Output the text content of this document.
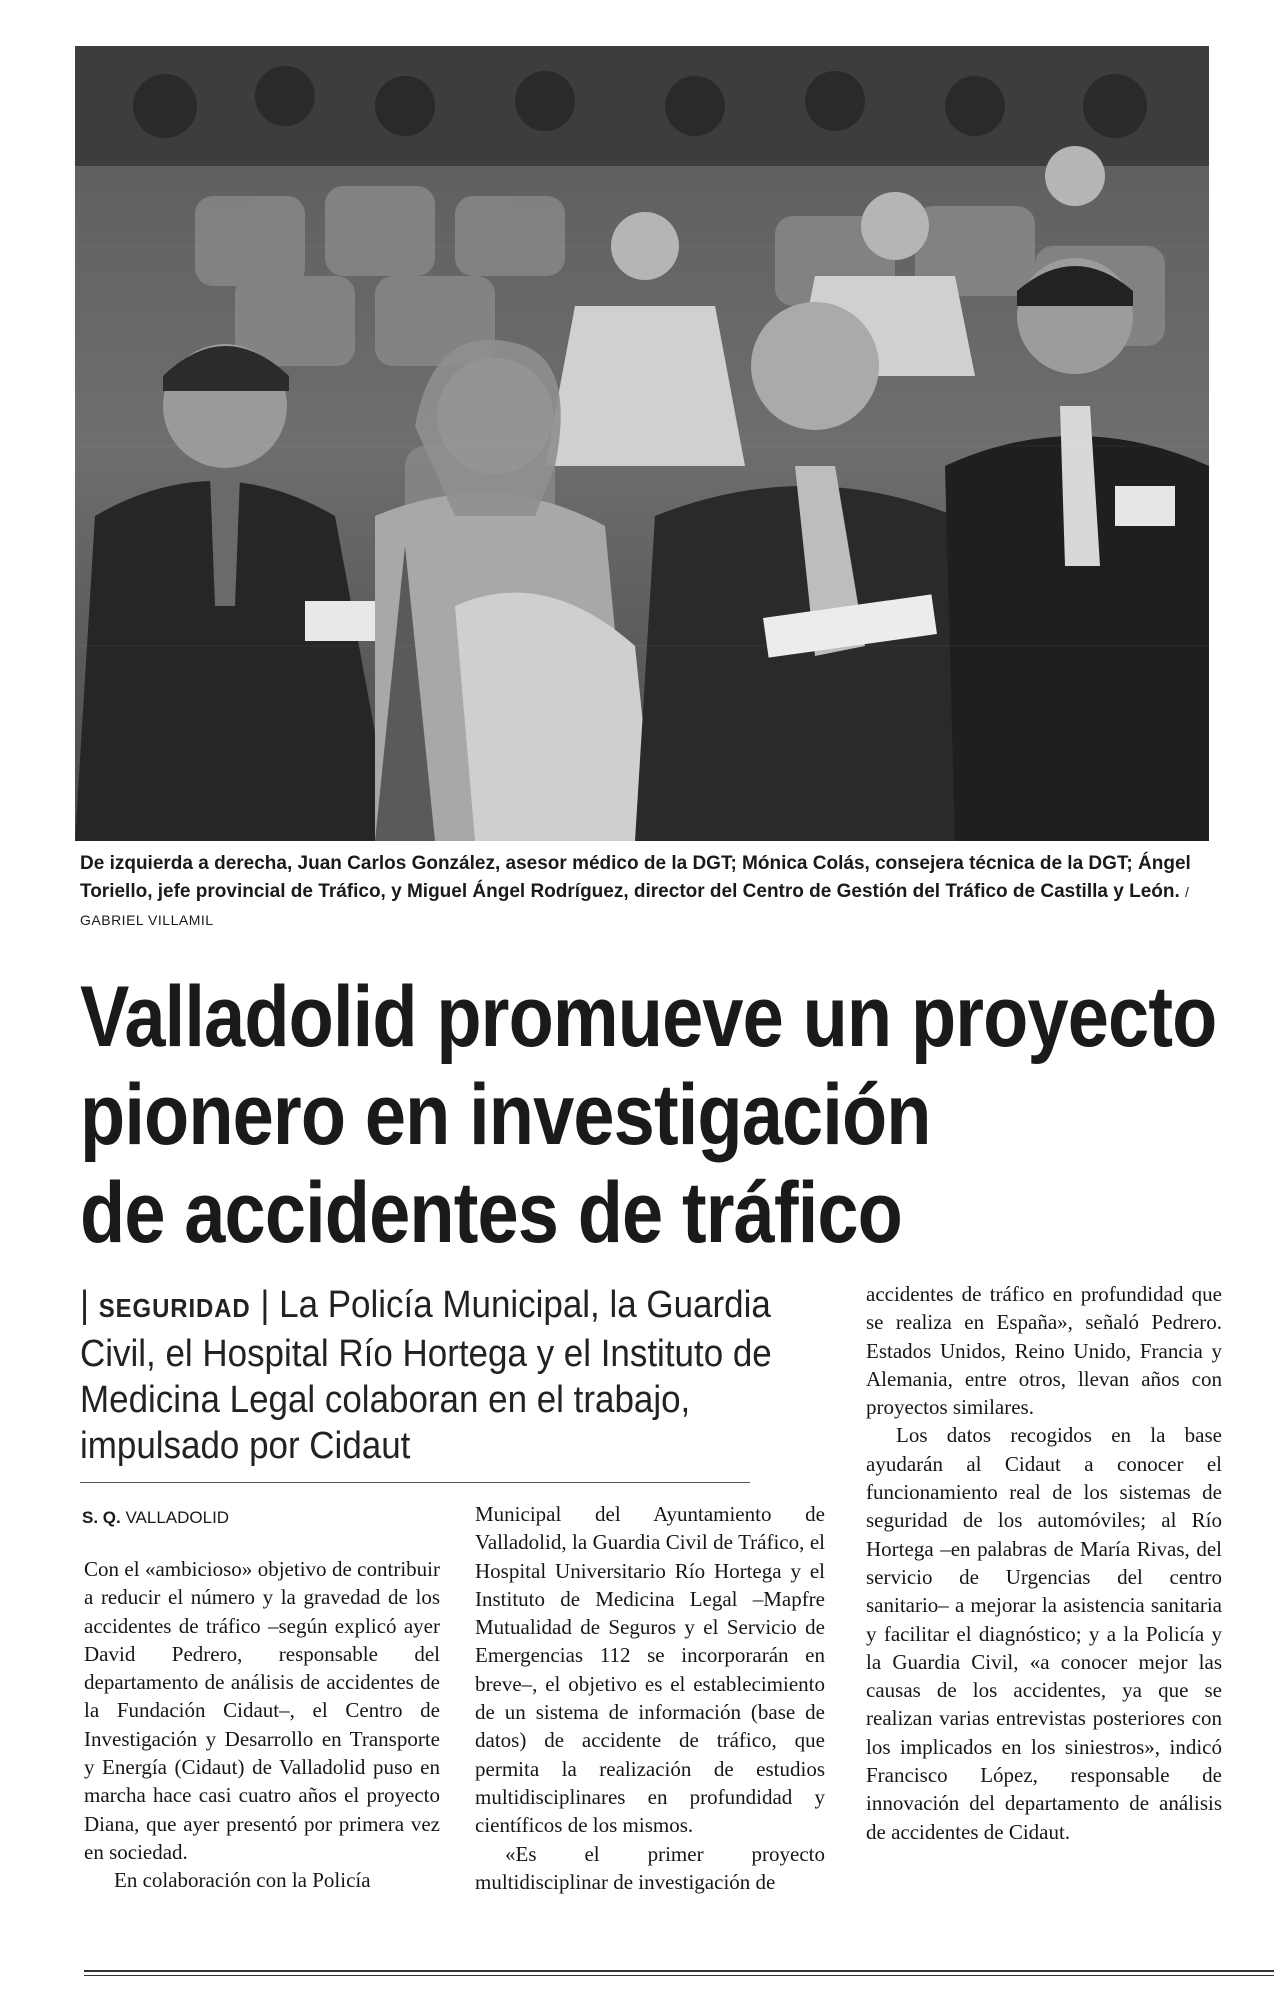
De izquierda a derecha, Juan Carlos González, asesor médico de la DGT; Mónica Colás, consejera técnica de la DGT; Ángel Toriello, jefe provincial de Tráfico, y Miguel Ángel Rodríguez, director del Centro de Gestión del Tráfico de Castilla y León. / GABRIEL VILLAMIL
Valladolid promueve un proyecto
pionero en investigación
de accidentes de tráfico
| SEGURIDAD | La Policía Municipal, la Guardia Civil, el Hospital Río Hortega y el Instituto de Medicina Legal colaboran en el trabajo, impulsado por Cidaut
S. Q. VALLADOLID

Con el «ambicioso» objetivo de contribuir a reducir el número y la gravedad de los accidentes de tráfico –según explicó ayer David Pedrero, responsable del departamento de análisis de accidentes de la Fundación Cidaut–, el Centro de Investigación y Desarrollo en Transporte y Energía (Cidaut) de Valladolid puso en marcha hace casi cuatro años el proyecto Diana, que ayer presentó por primera vez en sociedad.

En colaboración con la Policía

Municipal del Ayuntamiento de Valladolid, la Guardia Civil de Tráfico, el Hospital Universitario Río Hortega y el Instituto de Medicina Legal –Mapfre Mutualidad de Seguros y el Servicio de Emergencias 112 se incorporarán en breve–, el objetivo es el establecimiento de un sistema de información (base de datos) de accidente de tráfico, que permita la realización de estudios multidisciplinares en profundidad y científicos de los mismos.

«Es el primer proyecto multidisciplinar de investigación de

accidentes de tráfico en profundidad que se realiza en España», señaló Pedrero. Estados Unidos, Reino Unido, Francia y Alemania, entre otros, llevan años con proyectos similares.

Los datos recogidos en la base ayudarán al Cidaut a conocer el funcionamiento real de los sistemas de seguridad de los automóviles; al Río Hortega –en palabras de María Rivas, del servicio de Urgencias del centro sanitario– a mejorar la asistencia sanitaria y facilitar el diagnóstico; y a la Policía y la Guardia Civil, «a conocer mejor las causas de los accidentes, ya que se realizan varias entrevistas posteriores con los implicados en los siniestros», indicó Francisco López, responsable de innovación del departamento de análisis de accidentes de Cidaut.
